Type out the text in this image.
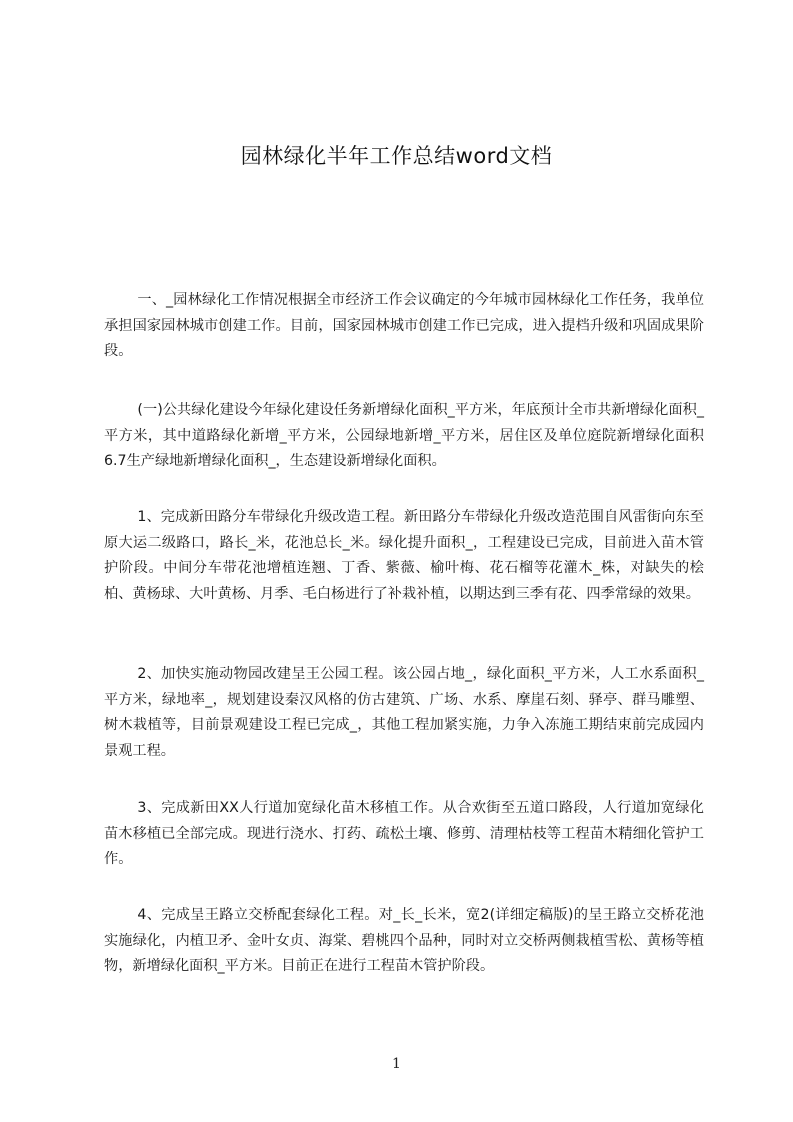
园林绿化半年工作总结word文档

一、_园林绿化工作情况根据全市经济工作会议确定的今年城市园林绿化工作任务，我单位承担国家园林城市创建工作。目前，国家园林城市创建工作已完成，进入提档升级和巩固成果阶段。

(一)公共绿化建设今年绿化建设任务新增绿化面积_平方米，年底预计全市共新增绿化面积_平方米，其中道路绿化新增_平方米，公园绿地新增_平方米，居住区及单位庭院新增绿化面积6.7生产绿地新增绿化面积_，生态建设新增绿化面积。

1、完成新田路分车带绿化升级改造工程。新田路分车带绿化升级改造范围自风雷街向东至原大运二级路口，路长_米，花池总长_米。绿化提升面积_，工程建设已完成，目前进入苗木管护阶段。中间分车带花池增植连翘、丁香、紫薇、榆叶梅、花石榴等花灌木_株，对缺失的桧柏、黄杨球、大叶黄杨、月季、毛白杨进行了补栽补植，以期达到三季有花、四季常绿的效果。

2、加快实施动物园改建呈王公园工程。该公园占地_，绿化面积_平方米，人工水系面积_平方米，绿地率_，规划建设秦汉风格的仿古建筑、广场、水系、摩崖石刻、驿亭、群马雕塑、树木栽植等，目前景观建设工程已完成_，其他工程加紧实施，力争入冻施工期结束前完成园内景观工程。

3、完成新田XX人行道加宽绿化苗木移植工作。从合欢街至五道口路段，人行道加宽绿化苗木移植已全部完成。现进行浇水、打药、疏松土壤、修剪、清理枯枝等工程苗木精细化管护工作。

4、完成呈王路立交桥配套绿化工程。对_长_长米，宽2(详细定稿版)的呈王路立交桥花池实施绿化，内植卫矛、金叶女贞、海棠、碧桃四个品种，同时对立交桥两侧栽植雪松、黄杨等植物，新增绿化面积_平方米。目前正在进行工程苗木管护阶段。

1
